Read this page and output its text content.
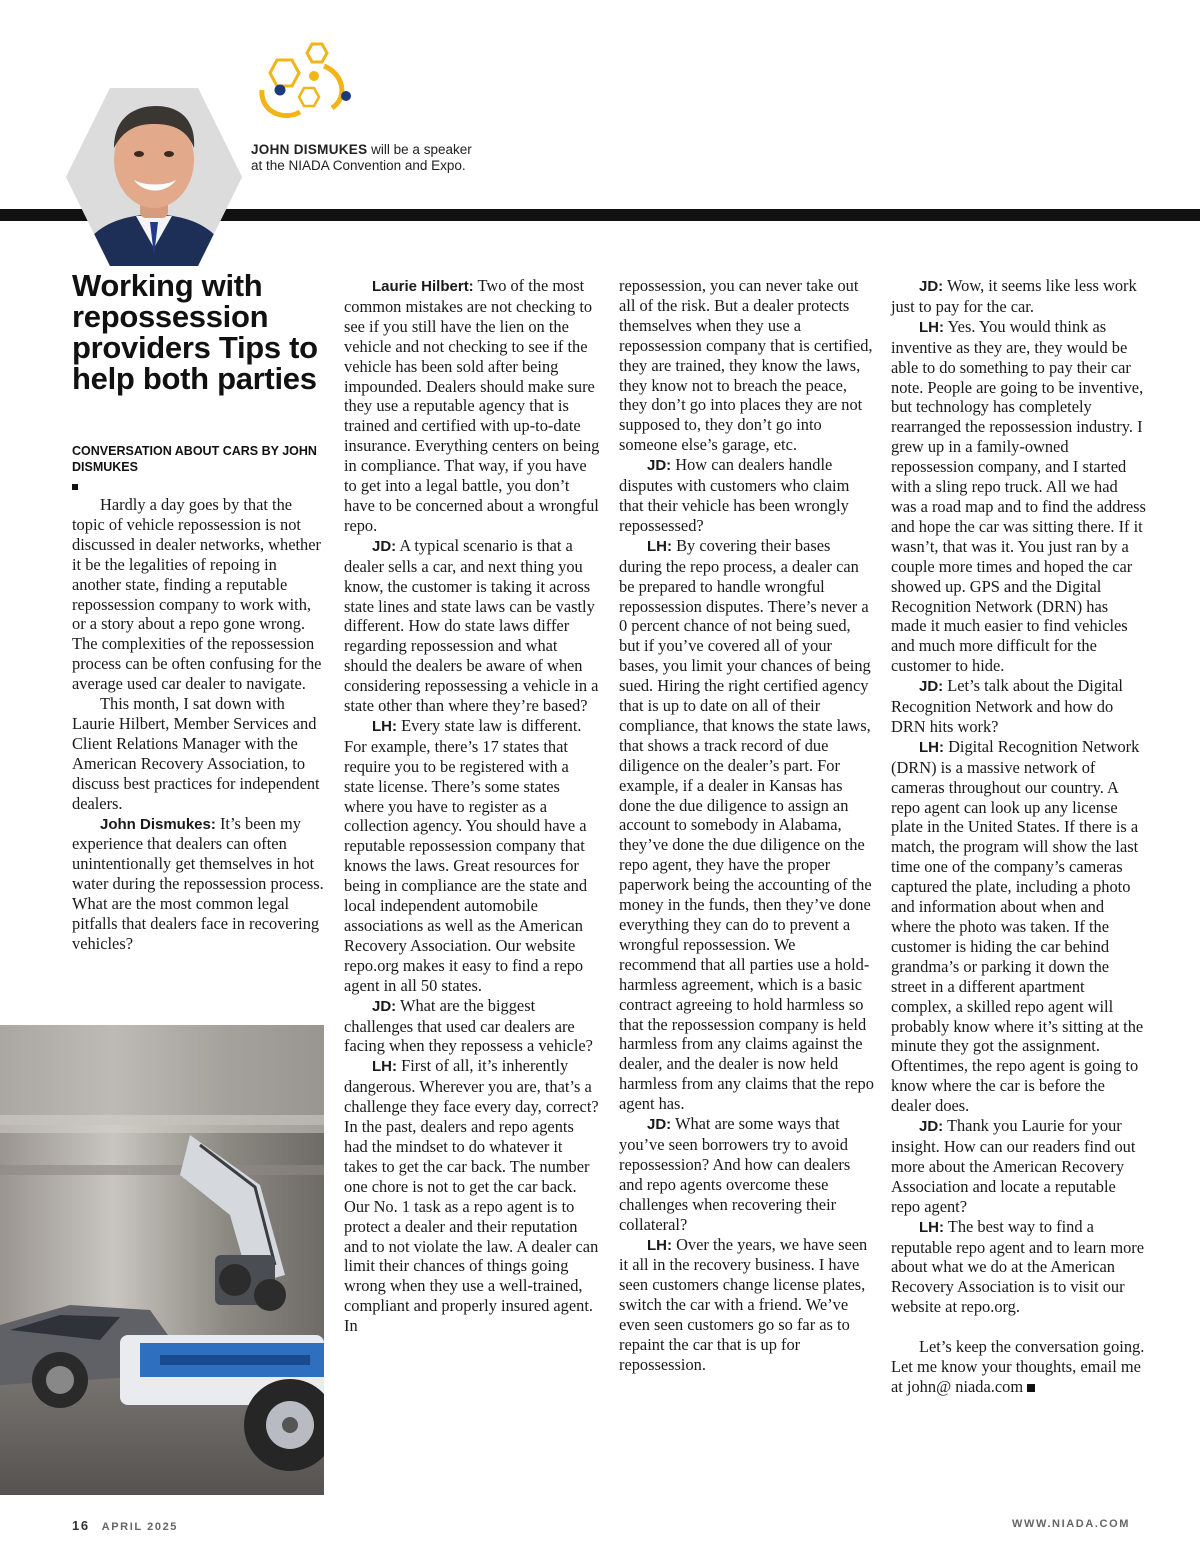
JOHN DISMUKES will be a speaker at the NIADA Convention and Expo.
Working with repossession providers Tips to help both parties
CONVERSATION ABOUT CARS BY JOHN DISMUKES

Hardly a day goes by that the topic of vehicle repossession is not discussed in dealer networks, whether it be the legalities of repoing in another state, finding a reputable repossession company to work with, or a story about a repo gone wrong. The complexities of the repossession process can be often confusing for the average used car dealer to navigate.

This month, I sat down with Laurie Hilbert, Member Services and Client Relations Manager with the American Recovery Association, to discuss best practices for independent dealers.

John Dismukes: It’s been my experience that dealers can often unintentionally get themselves in hot water during the repossession process. What are the most common legal pitfalls that dealers face in recovering vehicles?

Laurie Hilbert: Two of the most common mistakes are not checking to see if you still have the lien on the vehicle and not checking to see if the vehicle has been sold after being impounded. Dealers should make sure they use a reputable agency that is trained and certified with up-to-date insurance. Everything centers on being in compliance. That way, if you have to get into a legal battle, you don’t have to be concerned about a wrongful repo.

JD: A typical scenario is that a dealer sells a car, and next thing you know, the customer is taking it across state lines and state laws can be vastly different. How do state laws differ regarding repossession and what should the dealers be aware of when considering repossessing a vehicle in a state other than where they’re based?

LH: Every state law is different. For example, there’s 17 states that require you to be registered with a state license. There’s some states where you have to register as a collection agency. You should have a reputable repossession company that knows the laws. Great resources for being in compliance are the state and local independent automobile associations as well as the American Recovery Association. Our website repo.org makes it easy to find a repo agent in all 50 states.

JD: What are the biggest challenges that used car dealers are facing when they repossess a vehicle?

LH: First of all, it’s inherently dangerous. Wherever you are, that’s a challenge they face every day, correct? In the past, dealers and repo agents had the mindset to do whatever it takes to get the car back. The number one chore is not to get the car back. Our No. 1 task as a repo agent is to protect a dealer and their reputation and to not violate the law. A dealer can limit their chances of things going wrong when they use a well-trained, compliant and properly insured agent. In

repossession, you can never take out all of the risk. But a dealer protects themselves when they use a repossession company that is certified, they are trained, they know the laws, they know not to breach the peace, they don’t go into places they are not supposed to, they don’t go into someone else’s garage, etc.

JD: How can dealers handle disputes with customers who claim that their vehicle has been wrongly repossessed?

LH: By covering their bases during the repo process, a dealer can be prepared to handle wrongful repossession disputes. There’s never a 0 percent chance of not being sued, but if you’ve covered all of your bases, you limit your chances of being sued. Hiring the right certified agency that is up to date on all of their compliance, that knows the state laws, that shows a track record of due diligence on the dealer’s part. For example, if a dealer in Kansas has done the due diligence to assign an account to somebody in Alabama, they’ve done the due diligence on the repo agent, they have the proper paperwork being the accounting of the money in the funds, then they’ve done everything they can do to prevent a wrongful repossession. We recommend that all parties use a hold-harmless agreement, which is a basic contract agreeing to hold harmless so that the repossession company is held harmless from any claims against the dealer, and the dealer is now held harmless from any claims that the repo agent has.

JD: What are some ways that you’ve seen borrowers try to avoid repossession? And how can dealers and repo agents overcome these challenges when recovering their collateral?

LH: Over the years, we have seen it all in the recovery business. I have seen customers change license plates, switch the car with a friend. We’ve even seen customers go so far as to repaint the car that is up for repossession.

JD: Wow, it seems like less work just to pay for the car.

LH: Yes. You would think as inventive as they are, they would be able to do something to pay their car note. People are going to be inventive, but technology has completely rearranged the repossession industry. I grew up in a family-owned repossession company, and I started with a sling repo truck. All we had was a road map and to find the address and hope the car was sitting there. If it wasn’t, that was it. You just ran by a couple more times and hoped the car showed up. GPS and the Digital Recognition Network (DRN) has made it much easier to find vehicles and much more difficult for the customer to hide.

JD: Let’s talk about the Digital Recognition Network and how do DRN hits work?

LH: Digital Recognition Network (DRN) is a massive network of cameras throughout our country. A repo agent can look up any license plate in the United States. If there is a match, the program will show the last time one of the company’s cameras captured the plate, including a photo and information about when and where the photo was taken. If the customer is hiding the car behind grandma’s or parking it down the street in a different apartment complex, a skilled repo agent will probably know where it’s sitting at the minute they got the assignment. Oftentimes, the repo agent is going to know where the car is before the dealer does.

JD: Thank you Laurie for your insight. How can our readers find out more about the American Recovery Association and locate a reputable repo agent?

LH: The best way to find a reputable repo agent and to learn more about what we do at the American Recovery Association is to visit our website at repo.org.

Let’s keep the conversation going. Let me know your thoughts, email me at john@ niada.com

16 APRIL 2025	WWW.NIADA.COM
